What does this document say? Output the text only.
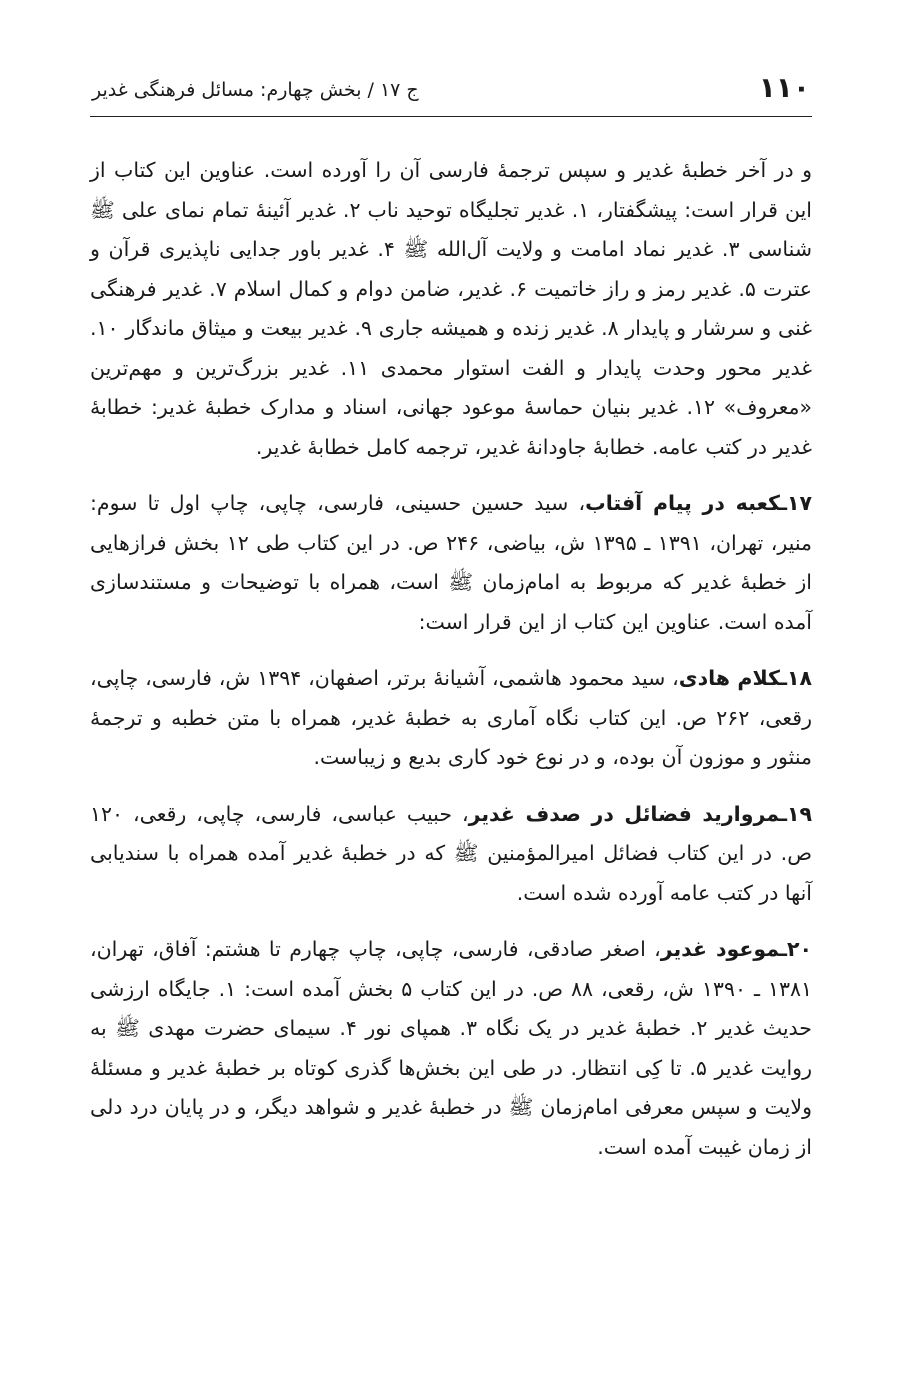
۱۱۰
ج ۱۷ / بخش چهارم: مسائل فرهنگی غدیر

و در آخر خطبهٔ غدیر و سپس ترجمهٔ فارسی آن را آورده است. عناوین این کتاب از این قرار است: پیشگفتار، ۱. غدیر تجلیگاه توحید ناب ۲. غدیر آئینهٔ تمام نمای علی ﷺ شناسی ۳. غدیر نماد امامت و ولایت آل‌الله ﷺ ۴. غدیر باور جدایی ناپذیری قرآن و عترت ۵. غدیر رمز و راز خاتمیت ۶. غدیر، ضامن دوام و کمال اسلام ۷. غدیر فرهنگی غنی و سرشار و پایدار ۸. غدیر زنده و همیشه جاری ۹. غدیر بیعت و میثاق ماندگار ۱۰. غدیر محور وحدت پایدار و الفت استوار محمدی ۱۱. غدیر بزرگ‌ترین و مهم‌ترین «معروف» ۱۲. غدیر بنیان حماسهٔ موعود جهانی، اسناد و مدارک خطبهٔ غدیر: خطابهٔ غدیر در کتب عامه. خطابهٔ جاودانهٔ غدیر، ترجمه کامل خطابهٔ غدیر.

۱۷ـکعبه در پیام آفتاب، سید حسین حسینی، فارسی، چاپی، چاپ اول تا سوم: منیر، تهران، ۱۳۹۱ ـ ۱۳۹۵ ش، بیاضی، ۲۴۶ ص. در این کتاب طی ۱۲ بخش فرازهایی از خطبهٔ غدیر که مربوط به امام‌زمان ﷺ است، همراه با توضیحات و مستندسازی آمده است. عناوین این کتاب از این قرار است:

۱۸ـکلام هادی، سید محمود هاشمی، آشیانهٔ برتر، اصفهان، ۱۳۹۴ ش، فارسی، چاپی، رقعی، ۲۶۲ ص. این کتاب نگاه آماری به خطبهٔ غدیر، همراه با متن خطبه و ترجمهٔ منثور و موزون آن بوده، و در نوع خود کاری بدیع و زیباست.

۱۹ـمروارید فضائل در صدف غدیر، حبیب عباسی، فارسی، چاپی، رقعی، ۱۲۰ ص. در این کتاب فضائل امیرالمؤمنین ﷺ که در خطبهٔ غدیر آمده همراه با سندیابی آنها در کتب عامه آورده شده است.

۲۰ـموعود غدیر، اصغر صادقی، فارسی، چاپی، چاپ چهارم تا هشتم: آفاق، تهران، ۱۳۸۱ ـ ۱۳۹۰ ش، رقعی، ۸۸ ص. در این کتاب ۵ بخش آمده است: ۱. جایگاه ارزشی حدیث غدیر ۲. خطبهٔ غدیر در یک نگاه ۳. همپای نور ۴. سیمای حضرت مهدی ﷺ به روایت غدیر ۵. تا کِی انتظار. در طی این بخش‌ها گذری کوتاه بر خطبهٔ غدیر و مسئلهٔ ولایت و سپس معرفی امام‌زمان ﷺ در خطبهٔ غدیر و شواهد دیگر، و در پایان درد دلی از زمان غیبت آمده است.
